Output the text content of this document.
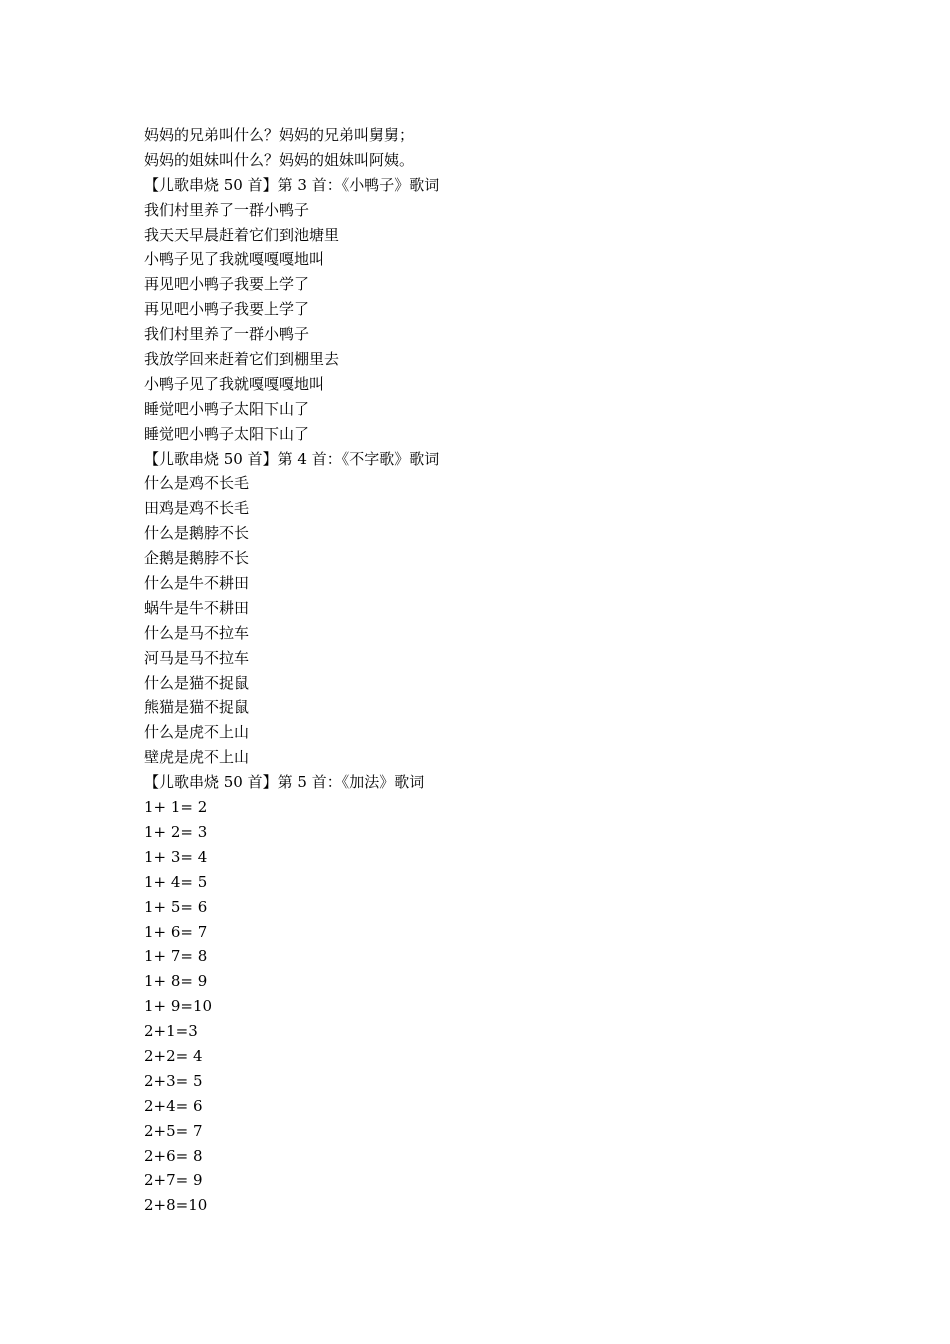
妈妈的兄弟叫什么？妈妈的兄弟叫舅舅；
妈妈的姐妹叫什么？妈妈的姐妹叫阿姨。
【儿歌串烧 50 首】第 3 首：《小鸭子》歌词
我们村里养了一群小鸭子
我天天早晨赶着它们到池塘里
小鸭子见了我就嘎嘎嘎地叫
再见吧小鸭子我要上学了
再见吧小鸭子我要上学了
我们村里养了一群小鸭子
我放学回来赶着它们到棚里去
小鸭子见了我就嘎嘎嘎地叫
睡觉吧小鸭子太阳下山了
睡觉吧小鸭子太阳下山了
【儿歌串烧 50 首】第 4 首：《不字歌》歌词
什么是鸡不长毛
田鸡是鸡不长毛
什么是鹅脖不长
企鹅是鹅脖不长
什么是牛不耕田
蜗牛是牛不耕田
什么是马不拉车
河马是马不拉车
什么是猫不捉鼠
熊猫是猫不捉鼠
什么是虎不上山
壁虎是虎不上山
【儿歌串烧 50 首】第 5 首：《加法》歌词
1+ 1= 2
1+ 2= 3
1+ 3= 4
1+ 4= 5
1+ 5= 6
1+ 6= 7
1+ 7= 8
1+ 8= 9
1+ 9=10
2+1=3
2+2= 4
2+3= 5
2+4= 6
2+5= 7
2+6= 8
2+7= 9
2+8=10
